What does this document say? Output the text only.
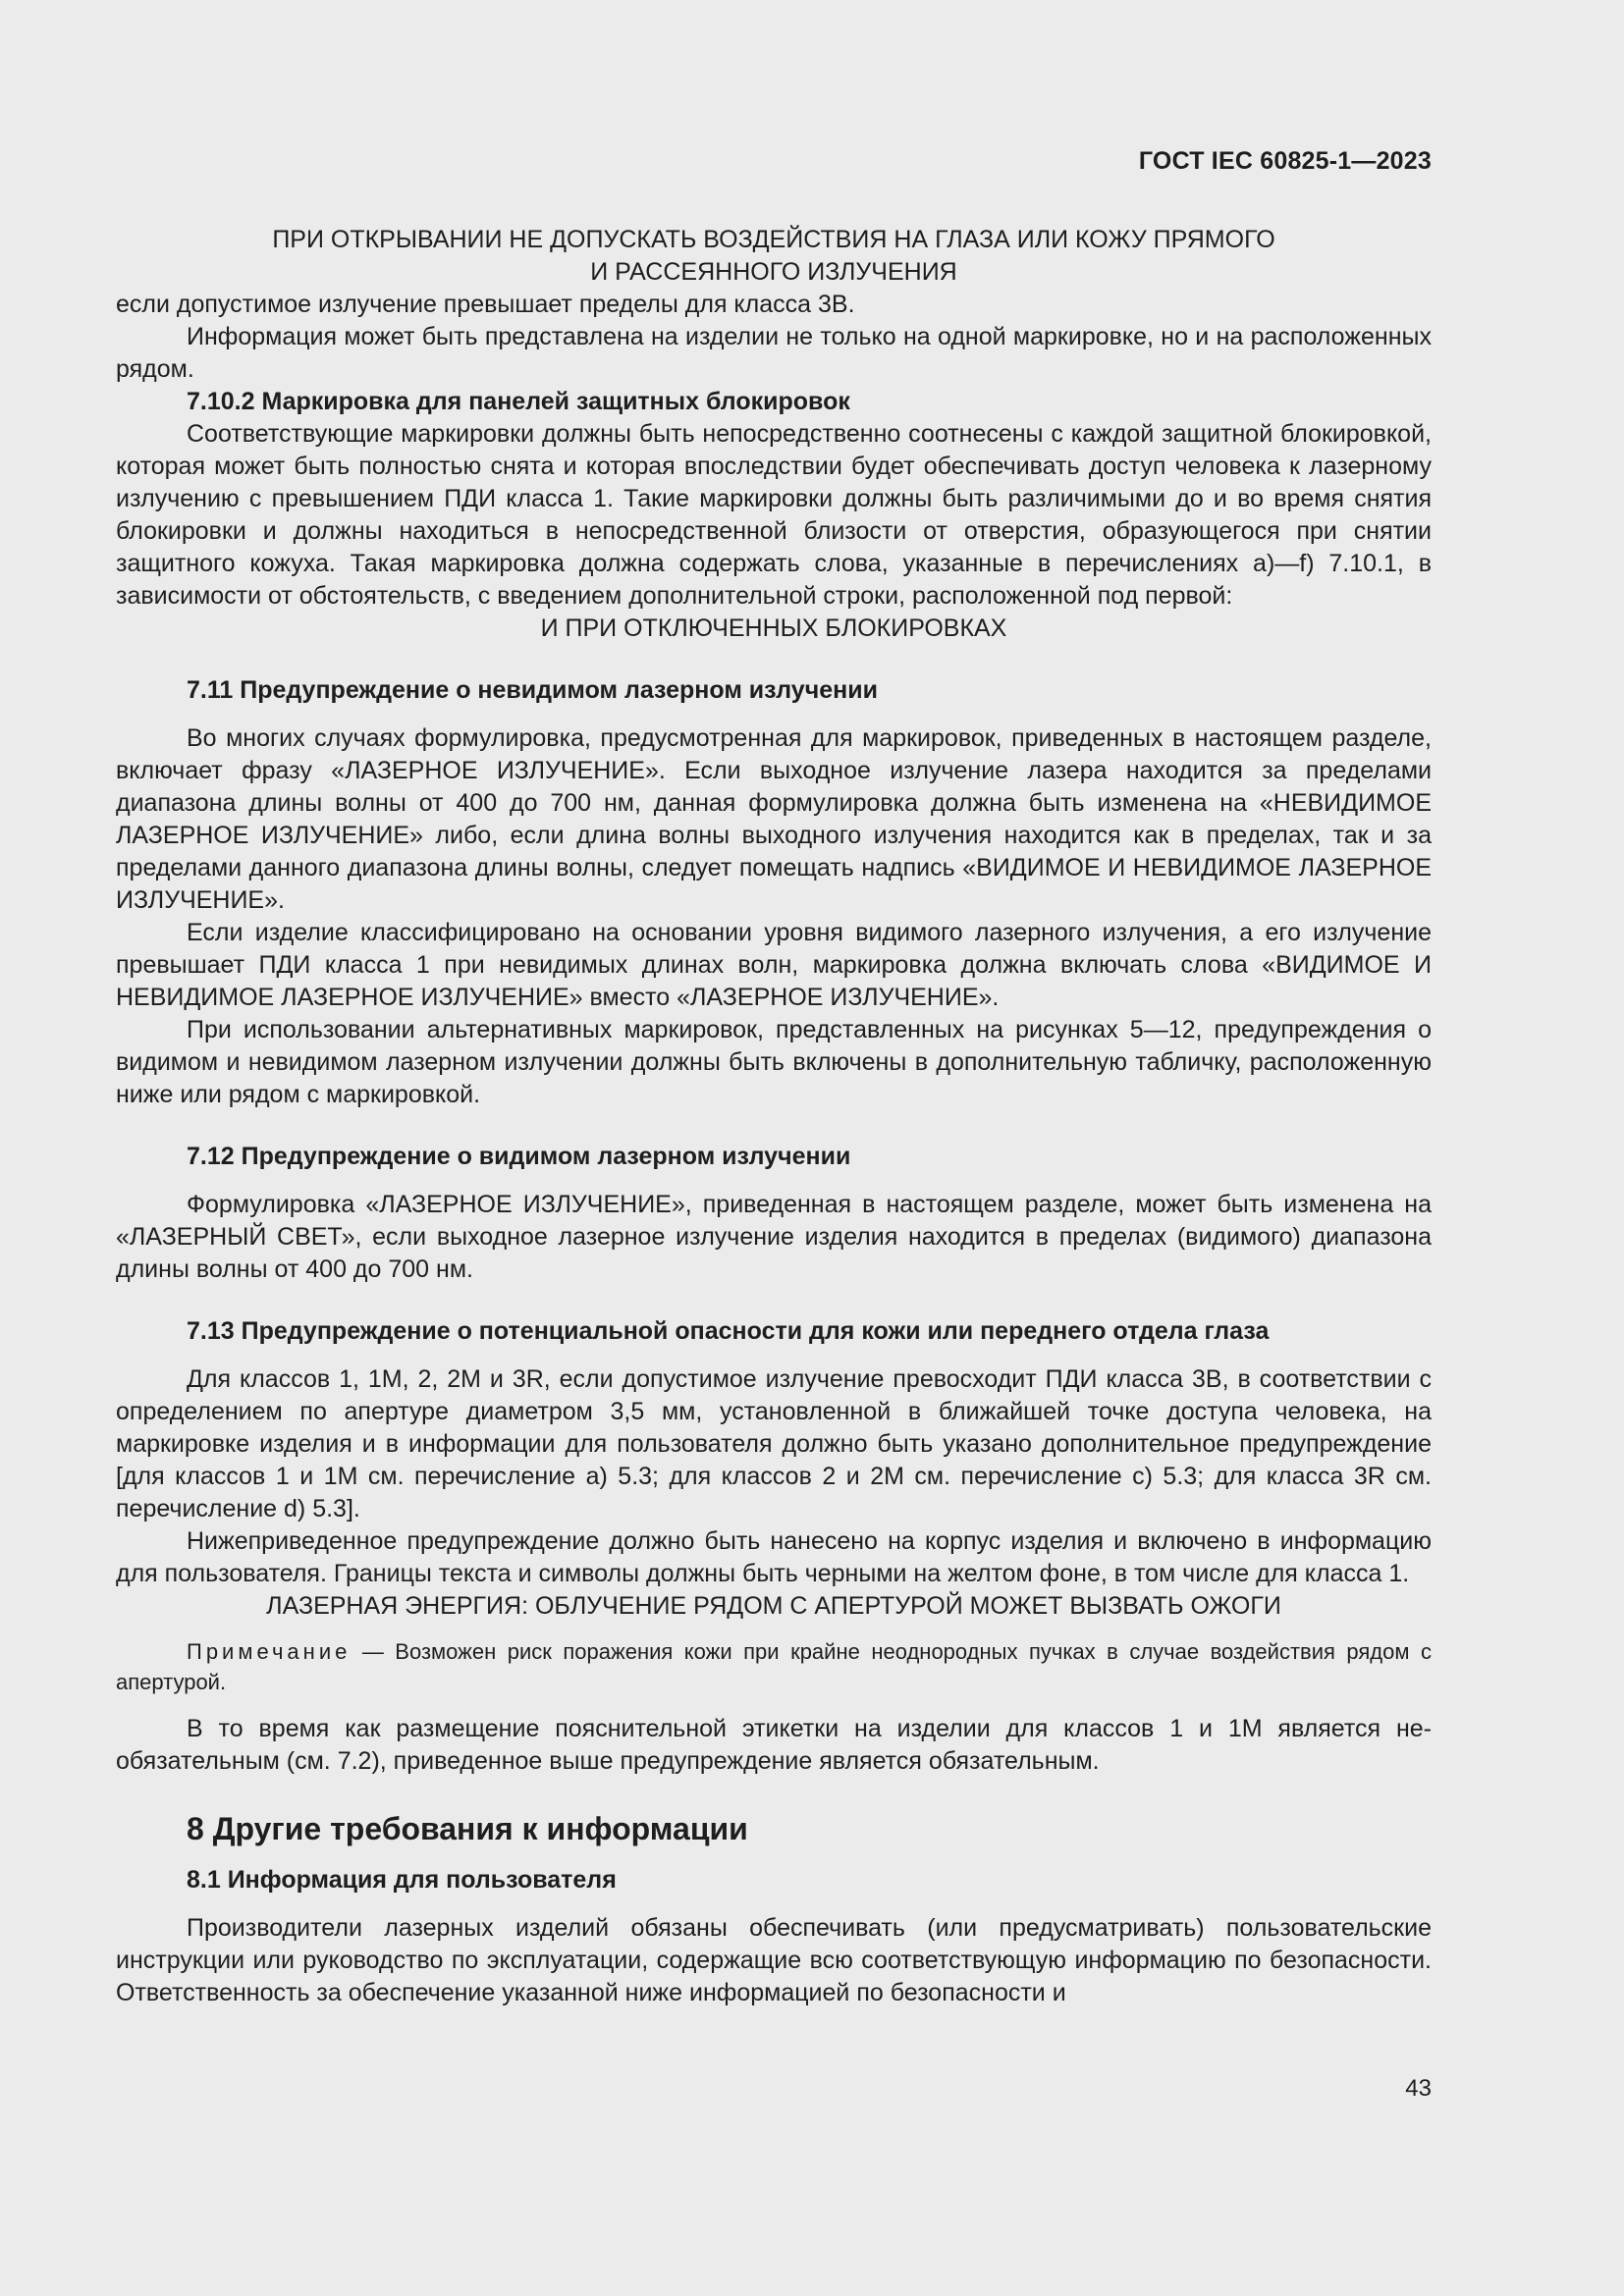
ГОСТ IEC 60825-1—2023

ПРИ ОТКРЫВАНИИ НЕ ДОПУСКАТЬ ВОЗДЕЙСТВИЯ НА ГЛАЗА ИЛИ КОЖУ ПРЯМОГО

И РАССЕЯННОГО ИЗЛУЧЕНИЯ

если допустимое излучение превышает пределы для класса 3В.

Информация может быть представлена на изделии не только на одной маркировке, но и на расположенных рядом.

7.10.2 Маркировка для панелей защитных блокировок

Соответствующие маркировки должны быть непосредственно соотнесены с каждой защитной блокировкой, которая может быть полностью снята и которая впоследствии будет обеспечивать доступ человека к лазерному излучению с превышением ПДИ класса 1. Такие маркировки должны быть различимыми до и во время снятия блокировки и должны находиться в непосредственной близости от отверстия, образующегося при снятии защитного кожуха. Такая маркировка должна содержать слова, указанные в перечислениях а)—f) 7.10.1, в зависимости от обстоятельств, с введением дополнительной строки, расположенной под первой:

И ПРИ ОТКЛЮЧЕННЫХ БЛОКИРОВКАХ

7.11 Предупреждение о невидимом лазерном излучении

Во многих случаях формулировка, предусмотренная для маркировок, приведенных в настоящем разделе, включает фразу «ЛАЗЕРНОЕ ИЗЛУЧЕНИЕ». Если выходное излучение лазера находится за пределами диапазона длины волны от 400 до 700 нм, данная формулировка должна быть изменена на «НЕВИДИМОЕ ЛАЗЕРНОЕ ИЗЛУЧЕНИЕ» либо, если длина волны выходного излучения находится как в пределах, так и за пределами данного диапазона длины волны, следует помещать надпись «ВИДИМОЕ И НЕВИДИМОЕ ЛАЗЕРНОЕ ИЗЛУЧЕНИЕ».

Если изделие классифицировано на основании уровня видимого лазерного излучения, а его излучение превышает ПДИ класса 1 при невидимых длинах волн, маркировка должна включать слова «ВИДИМОЕ И НЕВИДИМОЕ ЛАЗЕРНОЕ ИЗЛУЧЕНИЕ» вместо «ЛАЗЕРНОЕ ИЗЛУЧЕНИЕ».

При использовании альтернативных маркировок, представленных на рисунках 5—12, предупреждения о видимом и невидимом лазерном излучении должны быть включены в дополнительную табличку, расположенную ниже или рядом с маркировкой.

7.12 Предупреждение о видимом лазерном излучении

Формулировка «ЛАЗЕРНОЕ ИЗЛУЧЕНИЕ», приведенная в настоящем разделе, может быть изменена на «ЛАЗЕРНЫЙ СВЕТ», если выходное лазерное излучение изделия находится в пределах (видимого) диапазона длины волны от 400 до 700 нм.

7.13 Предупреждение о потенциальной опасности для кожи или переднего отдела глаза

Для классов 1, 1М, 2, 2М и 3R, если допустимое излучение превосходит ПДИ класса 3В, в соответствии с определением по апертуре диаметром 3,5 мм, установленной в ближайшей точке доступа человека, на маркировке изделия и в информации для пользователя должно быть указано дополнительное предупреждение [для классов 1 и 1М см. перечисление а) 5.3; для классов 2 и 2М см. перечисление с) 5.3; для класса 3R см. перечисление d) 5.3].

Нижеприведенное предупреждение должно быть нанесено на корпус изделия и включено в информацию для пользователя. Границы текста и символы должны быть черными на желтом фоне, в том числе для класса 1.

ЛАЗЕРНАЯ ЭНЕРГИЯ: ОБЛУЧЕНИЕ РЯДОМ С АПЕРТУРОЙ МОЖЕТ ВЫЗВАТЬ ОЖОГИ

Примечание — Возможен риск поражения кожи при крайне неоднородных пучках в случае воздействия рядом с апертурой.

В то время как размещение пояснительной этикетки на изделии для классов 1 и 1М является необязательным (см. 7.2), приведенное выше предупреждение является обязательным.

8 Другие требования к информации
8.1 Информация для пользователя

Производители лазерных изделий обязаны обеспечивать (или предусматривать) пользовательские инструкции или руководство по эксплуатации, содержащие всю соответствующую информацию по безопасности. Ответственность за обеспечение указанной ниже информацией по безопасности и

43
